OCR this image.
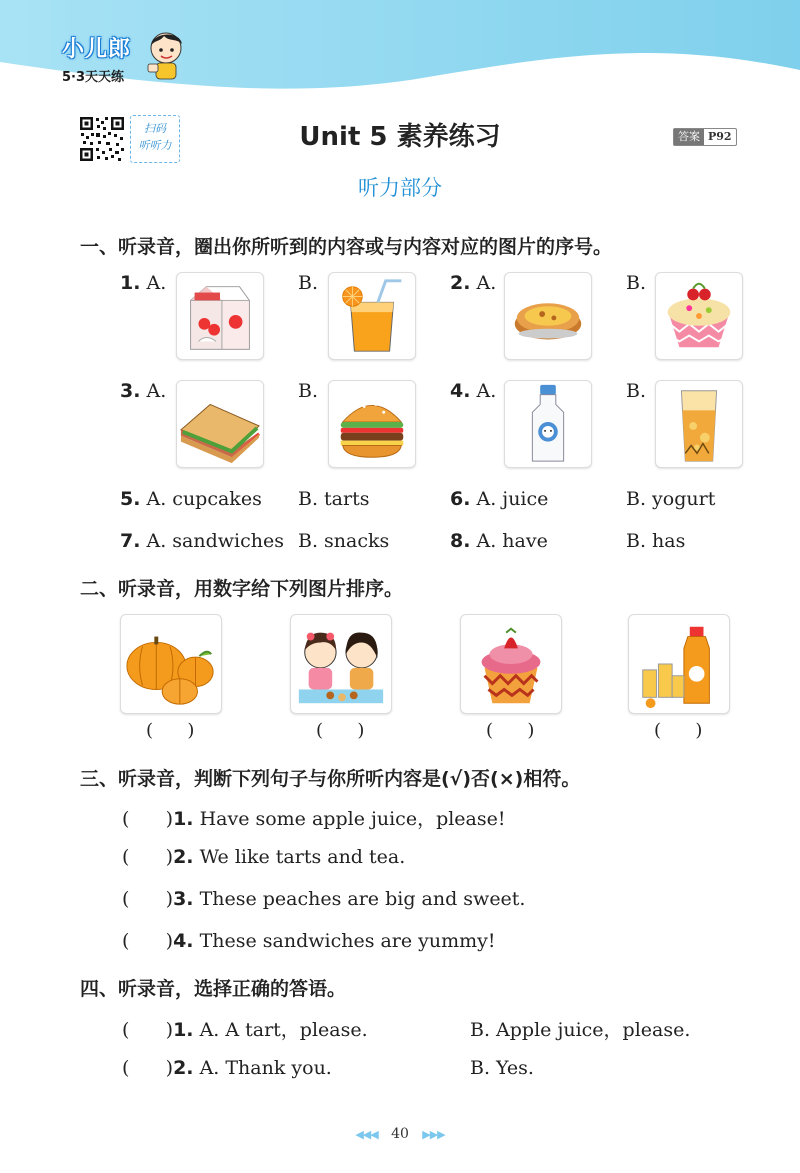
小儿郎
5·3天天练
扫码
听听力	Unit 5 素养练习	答案 P92
听力部分
一、听录音，圈出你所听到的内容或与内容对应的图片的序号。
1. A.	B.	2. A.	B.
3. A.	B.	4. A.	B.
5. A. cupcakes B. tarts	6. A. juice	B. yogurt
7. A. sandwiches B. snacks	8. A. have	B. has
二、听录音，用数字给下列图片排序。
(      )	(      )	(      )	(      )
三、听录音，判断下列句子与你所听内容是(√)否(×)相符。
(      )1. Have some apple juice，please!
(      )2. We like tarts and tea.
(      )3. These peaches are big and sweet.
(      )4. These sandwiches are yummy!
四、听录音，选择正确的答语。
(      )1. A. A tart，please.	B. Apple juice，please.
(      )2. A. Thank you.	B. Yes.
◀◀◀ 40 ▶▶▶
